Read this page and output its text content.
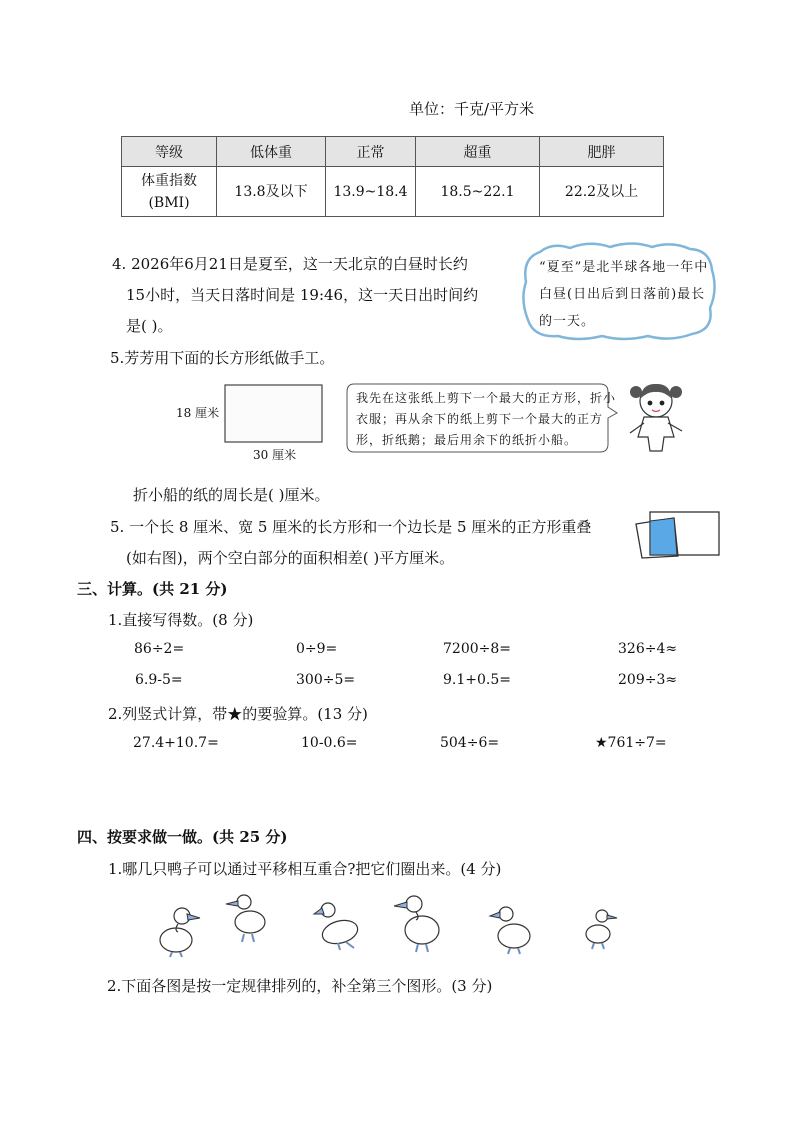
单位：千克/平方米
等级	低体重	正常	超重	肥胖

体重指数
(BMI)	13.8及以下	13.9~18.4	18.5~22.1	22.2及以上
4. 2026年6月21日是夏至，这一天北京的白昼时长约
15小时，当天日落时间是 19:46，这一天日出时间约
是( )。
“夏至”是北半球各地一年中白昼(日出后到日落前)最长的一天。
5.芳芳用下面的长方形纸做手工。
18 厘米
30 厘米
我先在这张纸上剪下一个最大的正方形，折小衣服；再从余下的纸上剪下一个最大的正方形，折纸鹅；最后用余下的纸折小船。
折小船的纸的周长是( )厘米。
5. 一个长 8 厘米、宽 5 厘米的长方形和一个边长是 5 厘米的正方形重叠
(如右图)，两个空白部分的面积相差( )平方厘米。
三、计算。(共 21 分)
1.直接写得数。(8 分)
86÷2=	0÷9=	7200÷8=	326÷4≈
6.9-5=	300÷5=	9.1+0.5=	209÷3≈
2.列竖式计算，带★的要验算。(13 分)
27.4+10.7=	10-0.6=	504÷6=	★761÷7=
四、按要求做一做。(共 25 分)
1.哪几只鸭子可以通过平移相互重合?把它们圈出来。(4 分)
2.下面各图是按一定规律排列的，补全第三个图形。(3 分)
